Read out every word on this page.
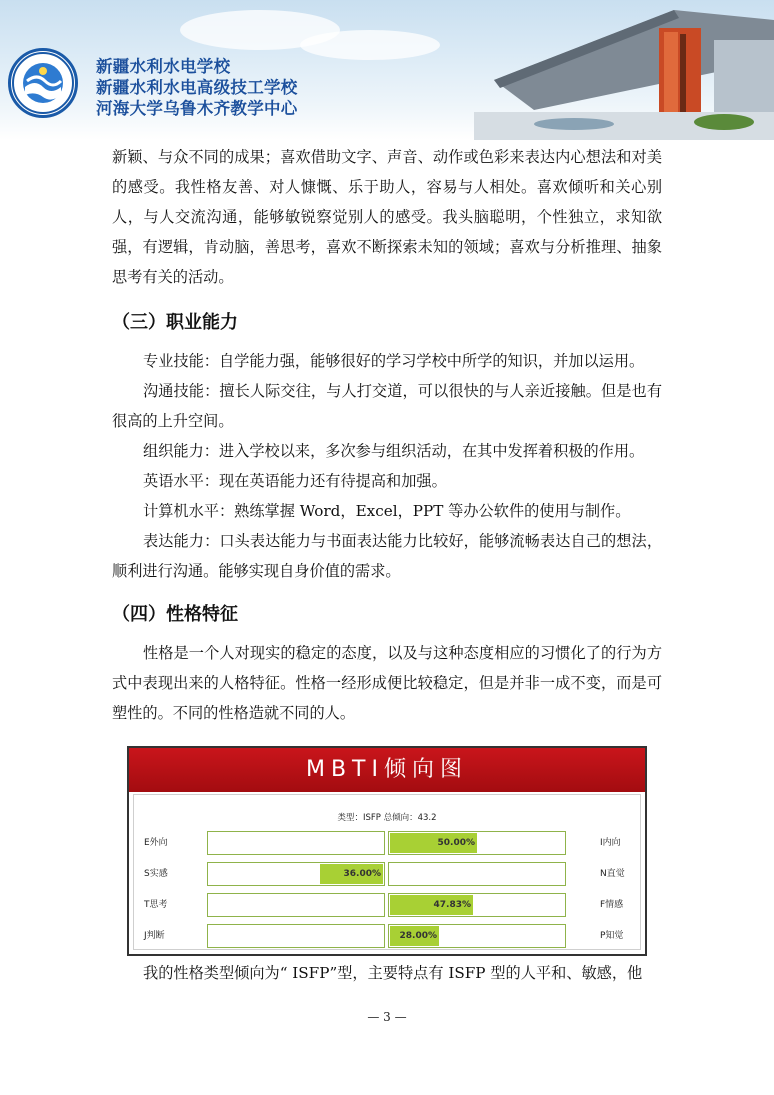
新疆水利水电学校
新疆水利水电高级技工学校
河海大学乌鲁木齐教学中心

新颖、与众不同的成果；喜欢借助文字、声音、动作或色彩来表达内心想法和对美的感受。我性格友善、对人慷慨、乐于助人，容易与人相处。喜欢倾听和关心别人，与人交流沟通，能够敏锐察觉别人的感受。我头脑聪明，个性独立，求知欲强，有逻辑，肯动脑，善思考，喜欢不断探索未知的领域；喜欢与分析推理、抽象思考有关的活动。

（三）职业能力

专业技能：自学能力强，能够很好的学习学校中所学的知识，并加以运用。

沟通技能：擅长人际交往，与人打交道，可以很快的与人亲近接触。但是也有很高的上升空间。

组织能力：进入学校以来，多次参与组织活动，在其中发挥着积极的作用。

英语水平：现在英语能力还有待提高和加强。

计算机水平：熟练掌握 Word，Excel，PPT 等办公软件的使用与制作。

表达能力：口头表达能力与书面表达能力比较好，能够流畅表达自己的想法，顺利进行沟通。能够实现自身价值的需求。

（四）性格特征

性格是一个人对现实的稳定的态度，以及与这种态度相应的习惯化了的行为方式中表现出来的人格特征。性格一经形成便比较稳定，但是并非一成不变，而是可塑性的。不同的性格造就不同的人。

MBTI倾向图
类型：ISFP 总倾向：43.2
E外向	50.00%	I内向
S实感	36.00%	N直觉
T思考	47.83%	F情感
J判断	28.00%	P知觉

我的性格类型倾向为“ ISFP”型，主要特点有 ISFP 型的人平和、敏感，他

— 3 —
